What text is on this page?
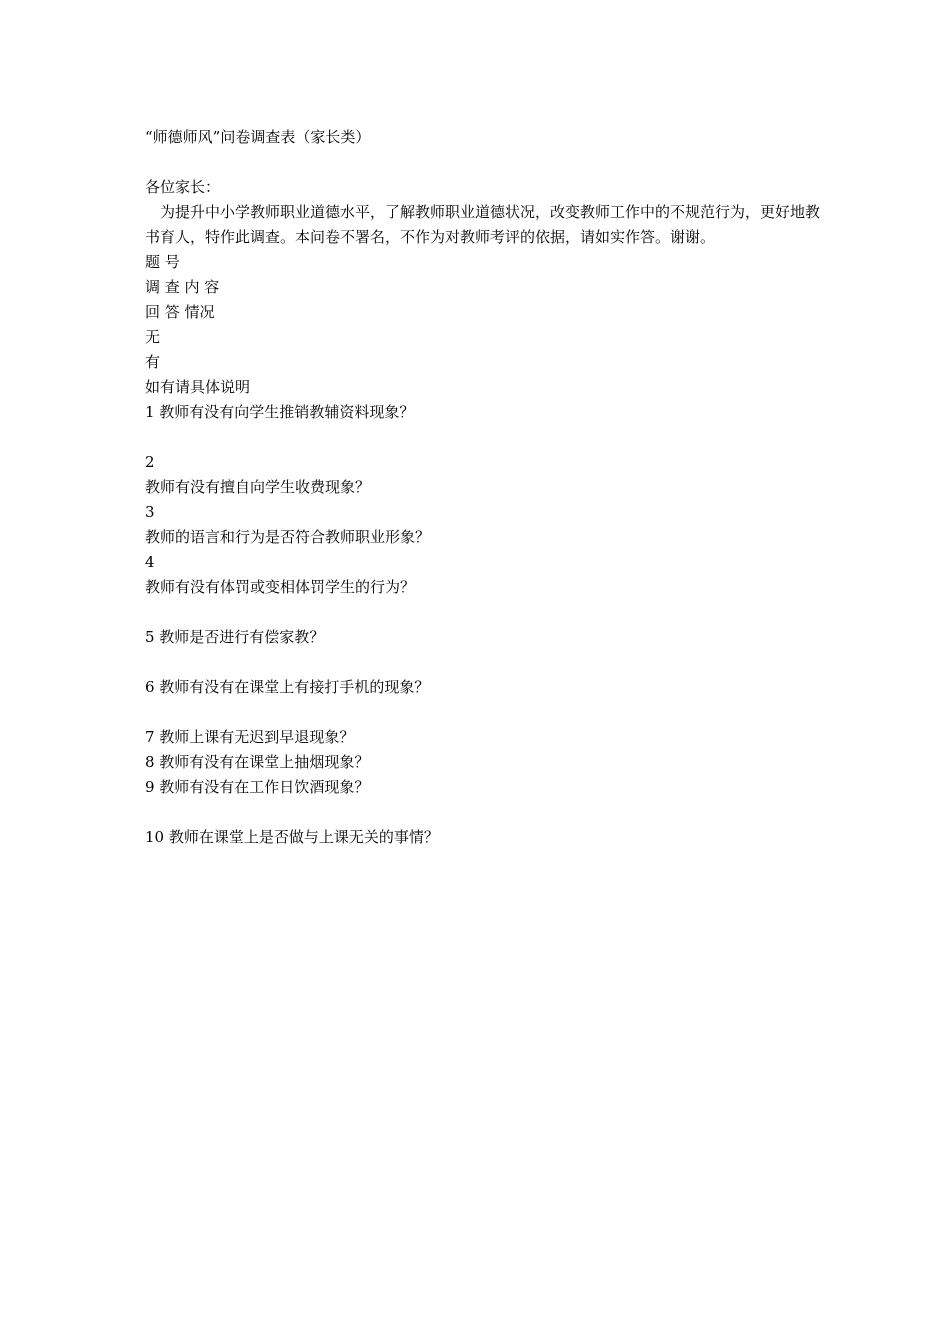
“师德师风”问卷调查表（家长类）
各位家长：
为提升中小学教师职业道德水平，了解教师职业道德状况，改变教师工作中的不规范行为，更好地教书育人，特作此调查。本问卷不署名，不作为对教师考评的依据，请如实作答。谢谢。
题 号
调 查 内 容
回 答 情况
无
有
如有请具体说明
1 教师有没有向学生推销教辅资料现象？
2
教师有没有擅自向学生收费现象？
3
教师的语言和行为是否符合教师职业形象？
4
教师有没有体罚或变相体罚学生的行为？
5 教师是否进行有偿家教？
6 教师有没有在课堂上有接打手机的现象？
7 教师上课有无迟到早退现象？
8 教师有没有在课堂上抽烟现象？
9 教师有没有在工作日饮酒现象？
10 教师在课堂上是否做与上课无关的事情？
